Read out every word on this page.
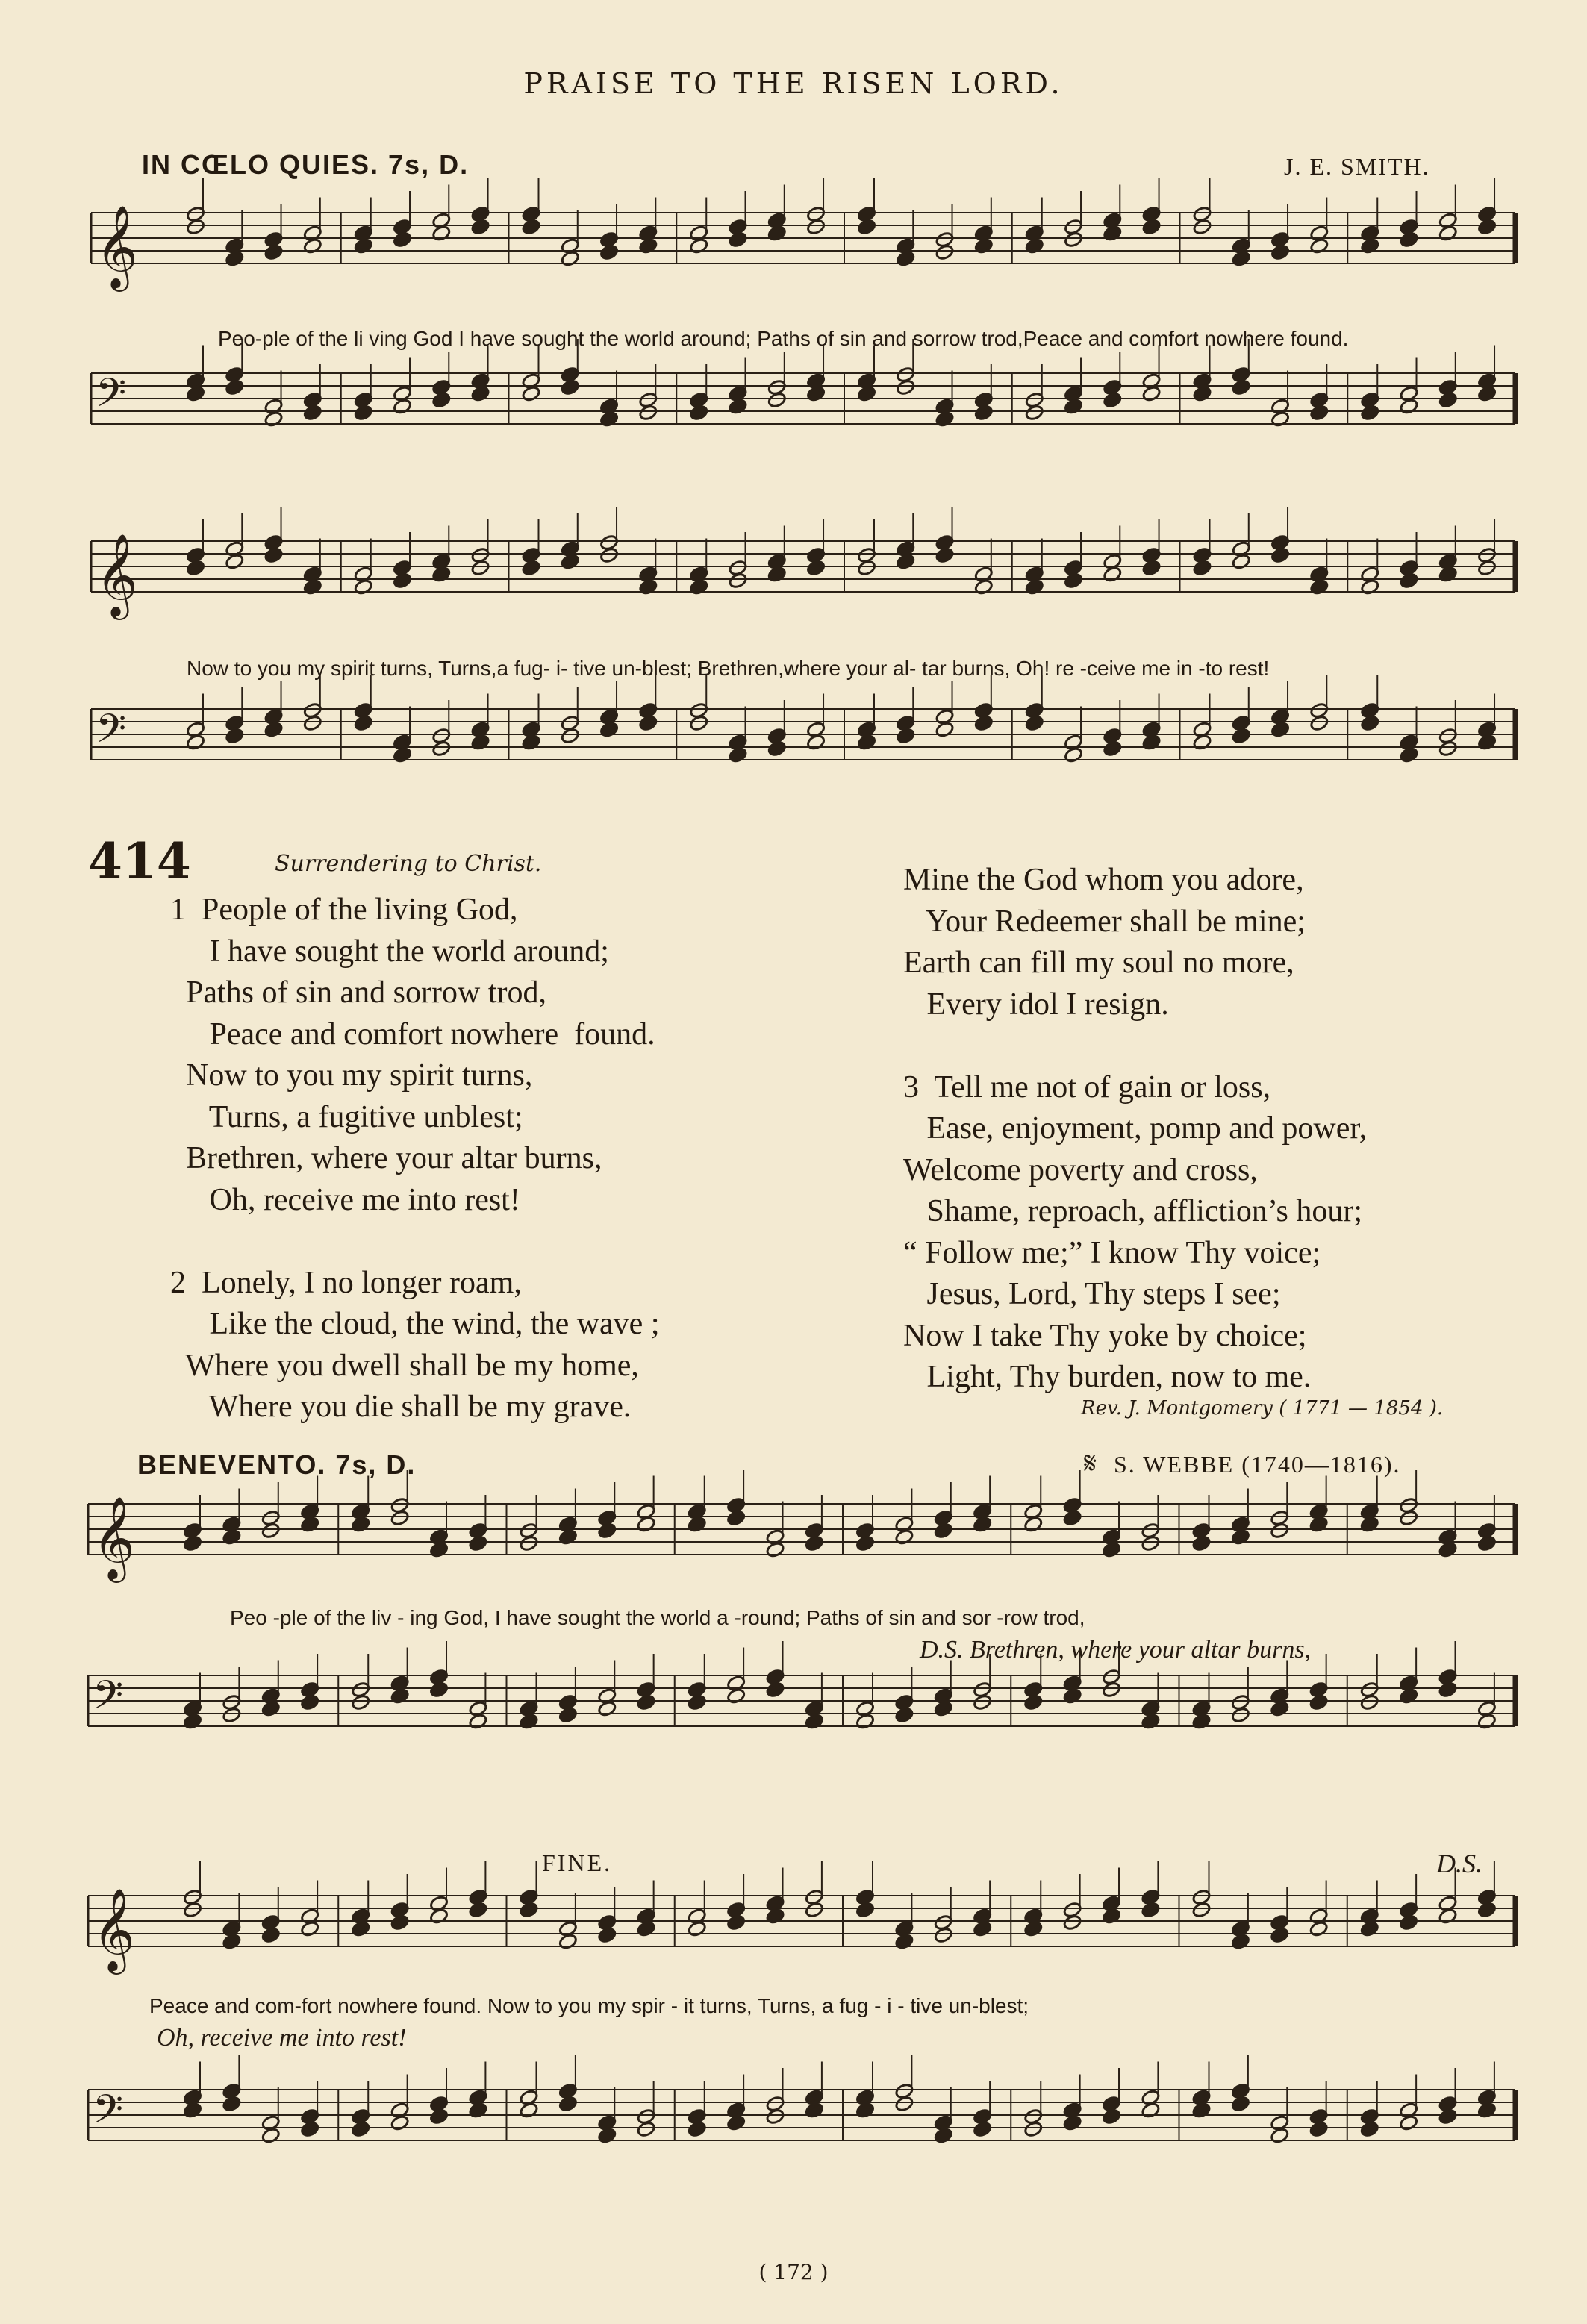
PRAISE TO THE RISEN LORD.
IN CŒLO QUIES. 7s, D.	J. E. SMITH.
𝄞
𝄢
𝄞
𝄢
Peo-ple of the li ving God I have sought the world around; Paths of sin and sorrow trod,Peace and comfort nowhere found.
Now to you my spirit turns, Turns,a fug- i- tive un-blest; Brethren,where your al- tar burns, Oh! re -ceive me in -to rest!
414	Surrendering to Christ.
1  People of the living God,
I have sought the world around;
Paths of sin and sorrow trod,
Peace and comfort nowhere  found.
Now to you my spirit turns,
Turns, a fugitive unblest;
Brethren, where your altar burns,
Oh, receive me into rest!

2  Lonely, I no longer roam,
Like the cloud, the wind, the wave ;
Where you dwell shall be my home,
Where you die shall be my grave.
Mine the God whom you adore,
Your Redeemer shall be mine;
Earth can fill my soul no more,
Every idol I resign.

3  Tell me not of gain or loss,
Ease, enjoyment, pomp and power,
Welcome poverty and cross,
Shame, reproach, affliction’s hour;
“ Follow me;” I know Thy voice;
Jesus, Lord, Thy steps I see;
Now I take Thy yoke by choice;
Light, Thy burden, now to me.
Rev. J. Montgomery ( 1771 — 1854 ).
BENEVENTO. 7s, D.	𝄋 S. WEBBE (1740—1816).
𝄞
𝄢
𝄞
𝄢
Peo -ple of the liv - ing God, I have sought the world a -round; Paths of sin and sor -row trod,
D.S. Brethren, where your altar burns,
FINE.	D.S.
Peace and com-fort nowhere found. Now to you my spir - it turns, Turns, a fug - i - tive un-blest;
Oh, receive me into rest!
( 172 )
